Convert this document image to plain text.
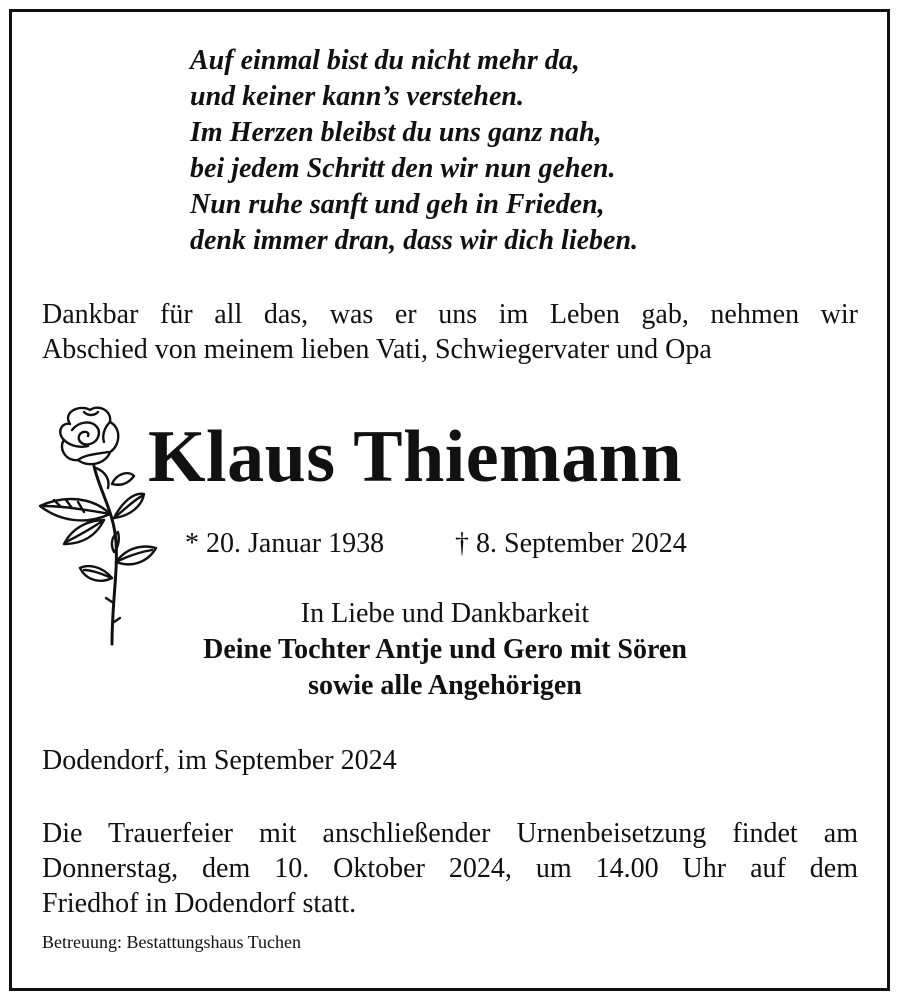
Auf einmal bist du nicht mehr da,
und keiner kann’s verstehen.
Im Herzen bleibst du uns ganz nah,
bei jedem Schritt den wir nun gehen.
Nun ruhe sanft und geh in Frieden,
denk immer dran, dass wir dich lieben.
Dankbar für all das, was er uns im Leben gab, nehmen wir
Abschied von meinem lieben Vati, Schwiegervater und Opa
Klaus Thiemann
* 20. Januar 1938	† 8. September 2024
In Liebe und Dankbarkeit
Deine Tochter Antje und Gero mit Sören
sowie alle Angehörigen
Dodendorf, im September 2024
Die Trauerfeier mit anschließender Urnenbeisetzung findet am
Donnerstag, dem 10. Oktober 2024, um 14.00 Uhr auf dem
Friedhof in Dodendorf statt.
Betreuung: Bestattungshaus Tuchen
